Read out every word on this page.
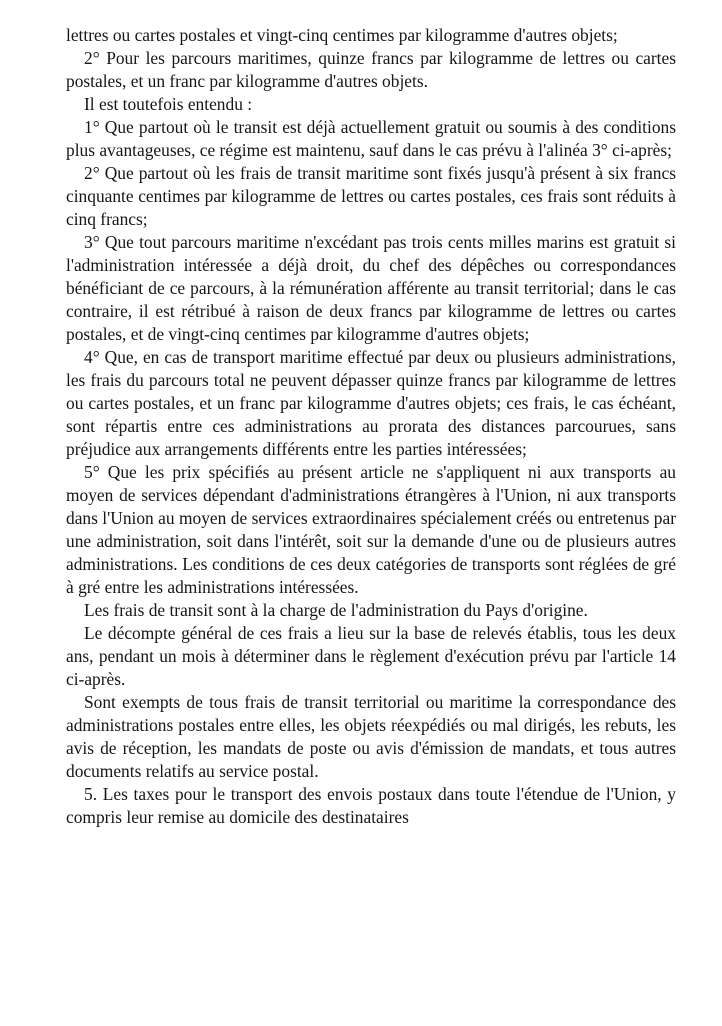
lettres ou cartes postales et vingt-cinq centimes par kilogramme d'autres objets;

2° Pour les parcours maritimes, quinze francs par kilogramme de lettres ou cartes postales, et un franc par kilogramme d'autres objets.

Il est toutefois entendu :

1° Que partout où le transit est déjà actuellement gratuit ou soumis à des conditions plus avantageuses, ce régime est maintenu, sauf dans le cas prévu à l'alinéa 3° ci-après;

2° Que partout où les frais de transit maritime sont fixés jusqu'à présent à six francs cinquante centimes par kilogramme de lettres ou cartes postales, ces frais sont réduits à cinq francs;

3° Que tout parcours maritime n'excédant pas trois cents milles marins est gratuit si l'administration intéressée a déjà droit, du chef des dépêches ou correspondances bénéficiant de ce parcours, à la rémunération afférente au transit territorial; dans le cas contraire, il est rétribué à raison de deux francs par kilogramme de lettres ou cartes postales, et de vingt-cinq centimes par kilogramme d'autres objets;

4° Que, en cas de transport maritime effectué par deux ou plusieurs administrations, les frais du parcours total ne peuvent dépasser quinze francs par kilogramme de lettres ou cartes postales, et un franc par kilogramme d'autres objets; ces frais, le cas échéant, sont répartis entre ces administrations au prorata des distances parcourues, sans préjudice aux arrangements différents entre les parties intéressées;

5° Que les prix spécifiés au présent article ne s'appliquent ni aux transports au moyen de services dépendant d'administrations étrangères à l'Union, ni aux transports dans l'Union au moyen de services extraordinaires spécialement créés ou entretenus par une administration, soit dans l'intérêt, soit sur la demande d'une ou de plusieurs autres administrations. Les conditions de ces deux catégories de transports sont réglées de gré à gré entre les administrations intéressées.

Les frais de transit sont à la charge de l'administration du Pays d'origine.

Le décompte général de ces frais a lieu sur la base de relevés établis, tous les deux ans, pendant un mois à déterminer dans le règlement d'exécution prévu par l'article 14 ci-après.

Sont exempts de tous frais de transit territorial ou maritime la correspondance des administrations postales entre elles, les objets réexpédiés ou mal dirigés, les rebuts, les avis de réception, les mandats de poste ou avis d'émission de mandats, et tous autres documents relatifs au service postal.

5. Les taxes pour le transport des envois postaux dans toute l'étendue de l'Union, y compris leur remise au domicile des destinataires
